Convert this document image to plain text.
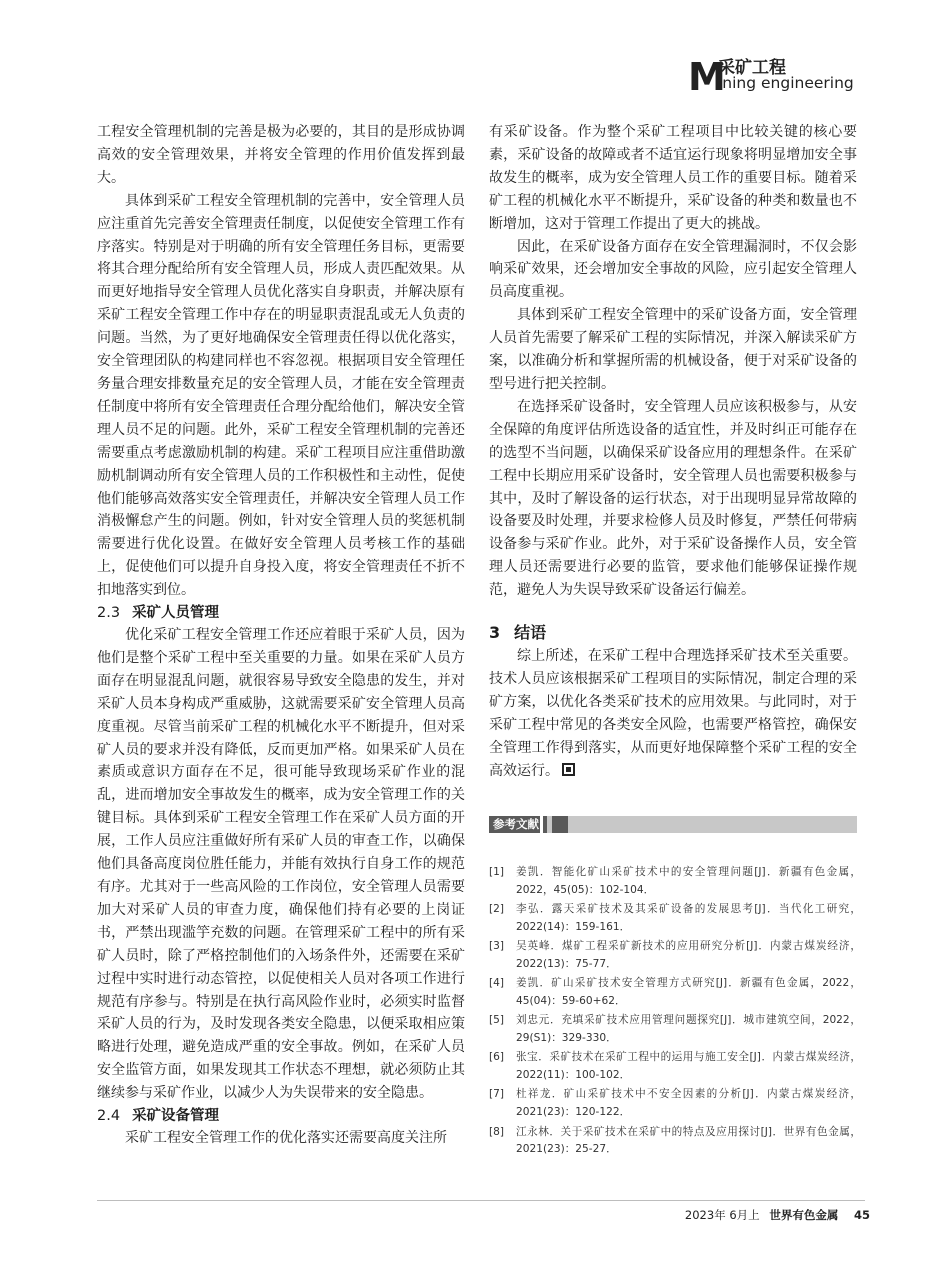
M
采矿工程
ining engineering

工程安全管理机制的完善是极为必要的，其目的是形成协调高效的安全管理效果，并将安全管理的作用价值发挥到最大。

具体到采矿工程安全管理机制的完善中，安全管理人员应注重首先完善安全管理责任制度，以促使安全管理工作有序落实。特别是对于明确的所有安全管理任务目标，更需要将其合理分配给所有安全管理人员，形成人责匹配效果。从而更好地指导安全管理人员优化落实自身职责，并解决原有采矿工程安全管理工作中存在的明显职责混乱或无人负责的问题。当然，为了更好地确保安全管理责任得以优化落实，安全管理团队的构建同样也不容忽视。根据项目安全管理任务量合理安排数量充足的安全管理人员，才能在安全管理责任制度中将所有安全管理责任合理分配给他们，解决安全管理人员不足的问题。此外，采矿工程安全管理机制的完善还需要重点考虑激励机制的构建。采矿工程项目应注重借助激励机制调动所有安全管理人员的工作积极性和主动性，促使他们能够高效落实安全管理责任，并解决安全管理人员工作消极懈怠产生的问题。例如，针对安全管理人员的奖惩机制需要进行优化设置。在做好安全管理人员考核工作的基础上，促使他们可以提升自身投入度，将安全管理责任不折不扣地落实到位。

2.3 采矿人员管理

优化采矿工程安全管理工作还应着眼于采矿人员，因为他们是整个采矿工程中至关重要的力量。如果在采矿人员方面存在明显混乱问题，就很容易导致安全隐患的发生，并对采矿人员本身构成严重威胁，这就需要采矿安全管理人员高度重视。尽管当前采矿工程的机械化水平不断提升，但对采矿人员的要求并没有降低，反而更加严格。如果采矿人员在素质或意识方面存在不足，很可能导致现场采矿作业的混乱，进而增加安全事故发生的概率，成为安全管理工作的关键目标。具体到采矿工程安全管理工作在采矿人员方面的开展，工作人员应注重做好所有采矿人员的审查工作，以确保他们具备高度岗位胜任能力，并能有效执行自身工作的规范有序。尤其对于一些高风险的工作岗位，安全管理人员需要加大对采矿人员的审查力度，确保他们持有必要的上岗证书，严禁出现滥竽充数的问题。在管理采矿工程中的所有采矿人员时，除了严格控制他们的入场条件外，还需要在采矿过程中实时进行动态管控，以促使相关人员对各项工作进行规范有序参与。特别是在执行高风险作业时，必须实时监督采矿人员的行为，及时发现各类安全隐患，以便采取相应策略进行处理，避免造成严重的安全事故。例如，在采矿人员安全监管方面，如果发现其工作状态不理想，就必须防止其继续参与采矿作业，以减少人为失误带来的安全隐患。

2.4 采矿设备管理

采矿工程安全管理工作的优化落实还需要高度关注所

有采矿设备。作为整个采矿工程项目中比较关键的核心要素，采矿设备的故障或者不适宜运行现象将明显增加安全事故发生的概率，成为安全管理人员工作的重要目标。随着采矿工程的机械化水平不断提升，采矿设备的种类和数量也不断增加，这对于管理工作提出了更大的挑战。

因此，在采矿设备方面存在安全管理漏洞时，不仅会影响采矿效果，还会增加安全事故的风险，应引起安全管理人员高度重视。

具体到采矿工程安全管理中的采矿设备方面，安全管理人员首先需要了解采矿工程的实际情况，并深入解读采矿方案，以准确分析和掌握所需的机械设备，便于对采矿设备的型号进行把关控制。

在选择采矿设备时，安全管理人员应该积极参与，从安全保障的角度评估所选设备的适宜性，并及时纠正可能存在的选型不当问题，以确保采矿设备应用的理想条件。在采矿工程中长期应用采矿设备时，安全管理人员也需要积极参与其中，及时了解设备的运行状态，对于出现明显异常故障的设备要及时处理，并要求检修人员及时修复，严禁任何带病设备参与采矿作业。此外，对于采矿设备操作人员，安全管理人员还需要进行必要的监管，要求他们能够保证操作规范，避免人为失误导致采矿设备运行偏差。

3 结语

综上所述，在采矿工程中合理选择采矿技术至关重要。技术人员应该根据采矿工程项目的实际情况，制定合理的采矿方案，以优化各类采矿技术的应用效果。与此同时，对于采矿工程中常见的各类安全风险，也需要严格管控，确保安全管理工作得到落实，从而更好地保障整个采矿工程的安全高效运行。

参考文献
[1] 姜凯．智能化矿山采矿技术中的安全管理问题[J]．新疆有色金属，2022，45(05)：102-104．
[2] 李弘．露天采矿技术及其采矿设备的发展思考[J]．当代化工研究，2022(14)：159-161．
[3] 吴英峰．煤矿工程采矿新技术的应用研究分析[J]．内蒙古煤炭经济，2022(13)：75-77．
[4] 姜凯．矿山采矿技术安全管理方式研究[J]．新疆有色金属，2022，45(04)：59-60+62．
[5] 刘忠元．充填采矿技术应用管理问题探究[J]．城市建筑空间，2022，29(S1)：329-330．
[6] 张宝．采矿技术在采矿工程中的运用与施工安全[J]．内蒙古煤炭经济，2022(11)：100-102．
[7] 杜祥龙．矿山采矿技术中不安全因素的分析[J]．内蒙古煤炭经济，2021(23)：120-122．
[8] 江永林．关于采矿技术在采矿中的特点及应用探讨[J]．世界有色金属，2021(23)：25-27．
2023年 6月上 世界有色金属 45
